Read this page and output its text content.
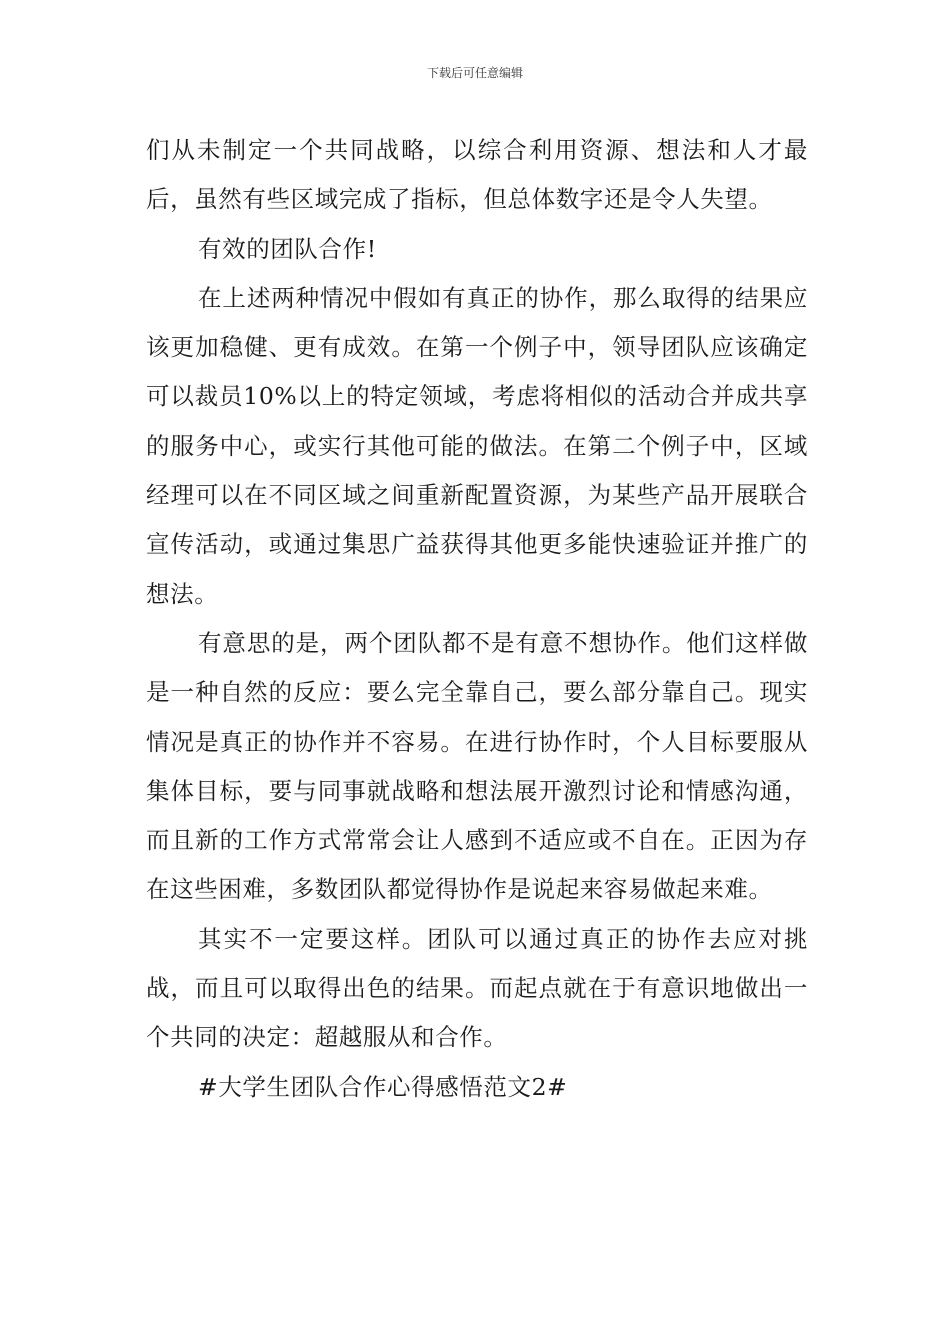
下载后可任意编辑

们从未制定一个共同战略，以综合利用资源、想法和人才最后，虽然有些区域完成了指标，但总体数字还是令人失望。

有效的团队合作!

在上述两种情况中假如有真正的协作，那么取得的结果应该更加稳健、更有成效。在第一个例子中，领导团队应该确定可以裁员10%以上的特定领域，考虑将相似的活动合并成共享的服务中心，或实行其他可能的做法。在第二个例子中，区域经理可以在不同区域之间重新配置资源，为某些产品开展联合宣传活动，或通过集思广益获得其他更多能快速验证并推广的想法。

有意思的是，两个团队都不是有意不想协作。他们这样做是一种自然的反应：要么完全靠自己，要么部分靠自己。现实情况是真正的协作并不容易。在进行协作时，个人目标要服从集体目标，要与同事就战略和想法展开激烈讨论和情感沟通，而且新的工作方式常常会让人感到不适应或不自在。正因为存在这些困难，多数团队都觉得协作是说起来容易做起来难。

其实不一定要这样。团队可以通过真正的协作去应对挑战，而且可以取得出色的结果。而起点就在于有意识地做出一个共同的决定：超越服从和合作。

#大学生团队合作心得感悟范文2#
